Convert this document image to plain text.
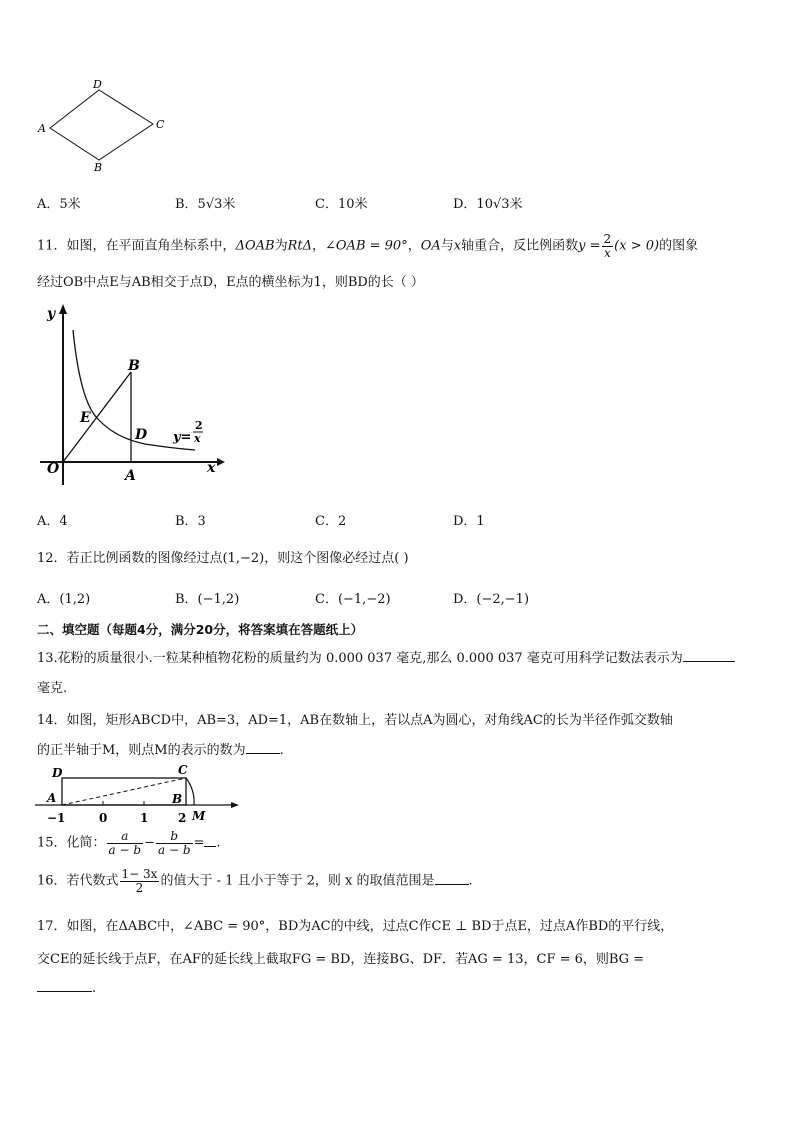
D
A	C
B
A．5米	B．5√3米	C．10米	D．10√3米
11．如图，在平面直角坐标系中，ΔOAB为RtΔ，∠OAB = 90°，OA与x轴重合，反比例函数$y = \frac{2}{x} (x > 0)$的图象
经过OB中点E与AB相交于点D，E点的横坐标为1，则BD的长（ ）
y
x
O	A
B
E
D y=
2
x
A．4	B．3	C．2	D．1
12．若正比例函数的图像经过点(1,−2)，则这个图像必经过点( )
A．(1,2)	B．(−1,2)	C．(−1,−2)	D．(−2,−1)
二、填空题（每题4分，满分20分，将答案填在答题纸上）
13.花粉的质量很小.一粒某种植物花粉的质量约为 0.000 037 毫克,那么 0.000 037 毫克可用科学记数法表示为
毫克.
14．如图，矩形ABCD中，AB=3，AD=1，AB在数轴上，若以点A为圆心，对角线AC的长为半径作弧交数轴
的正半轴于M，则点M的表示的数为	.
D	C
A	B
M
−1	0	1 2
15．化简： $\frac{a}{a - b} - \frac{b}{a - b}$ = .
16．若代数式 $\frac{1- 3x}{2}$ 的值大于 - 1 且小于等于 2，则 x 的取值范围是	.
17．如图，在ΔABC中，∠ABC = 90°，BD为AC的中线，过点C作CE ⊥ BD于点E，过点A作BD的平行线，
交CE的延长线于点F，在AF的延长线上截取FG = BD，连接BG、DF．若AG = 13，CF = 6，则BG =
.
